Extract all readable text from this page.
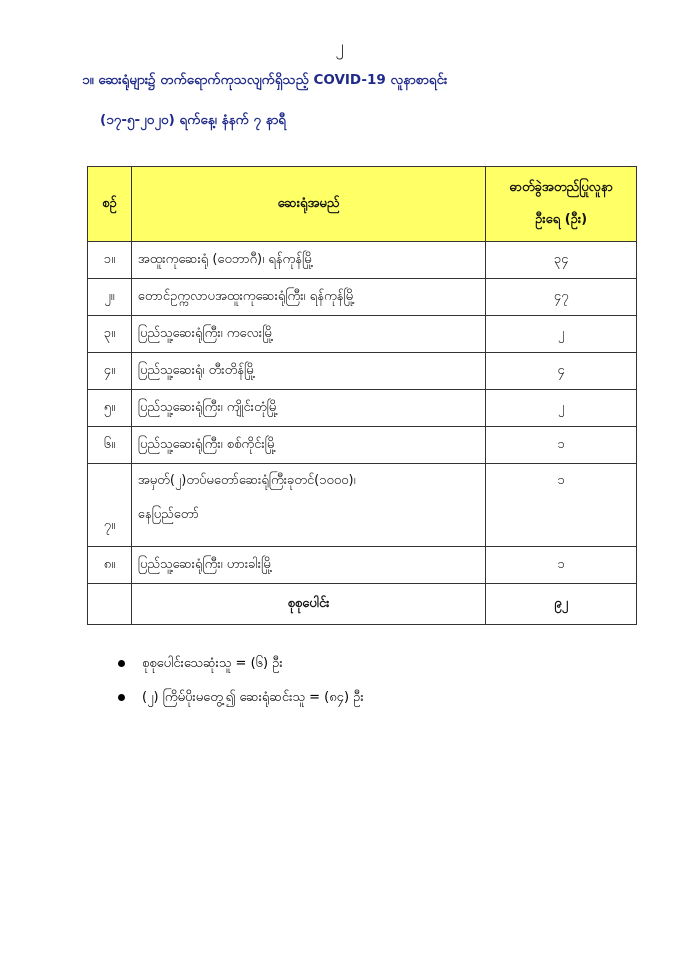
၂
၁။ ဆေးရုံများ၌ တက်ရောက်ကုသလျက်ရှိသည့် COVID-19 လူနာစာရင်း
(၁၇-၅-၂၀၂၀) ရက်နေ့၊ နံနက် ၇ နာရီ
စဉ်	ဆေးရုံအမည်	ဓာတ်ခွဲအတည်ပြုလူနာ
ဦးရေ (ဦး)
၁။	အထူးကုဆေးရုံ (ဝေဘာဂီ)၊ ရန်ကုန်မြို့	၃၄
၂။	တောင်ဥက္ကလာပအထူးကုဆေးရုံကြီး၊ ရန်ကုန်မြို့	၄၇
၃။	ပြည်သူ့ဆေးရုံကြီး၊ ကလေးမြို့	၂
၄။	ပြည်သူ့ဆေးရုံ၊ တီးတိန်မြို့	၄
၅။	ပြည်သူ့ဆေးရုံကြီး၊ ကျိုင်းတုံမြို့	၂
၆။	ပြည်သူ့ဆေးရုံကြီး၊ စစ်ကိုင်းမြို့	၁
၇။	အမှတ်(၂)တပ်မတော်ဆေးရုံကြီးခုတင်(၁၀၀၀)၊
နေပြည်တော်	၁
၈။	ပြည်သူ့ဆေးရုံကြီး၊ ဟားခါးမြို့	၁
	စုစုပေါင်း	၉၂
စုစုပေါင်းသေဆုံးသူ = (၆) ဦး
(၂) ကြိမ်ပိုးမတွေ့၍ ဆေးရုံဆင်းသူ = (၈၄) ဦး
